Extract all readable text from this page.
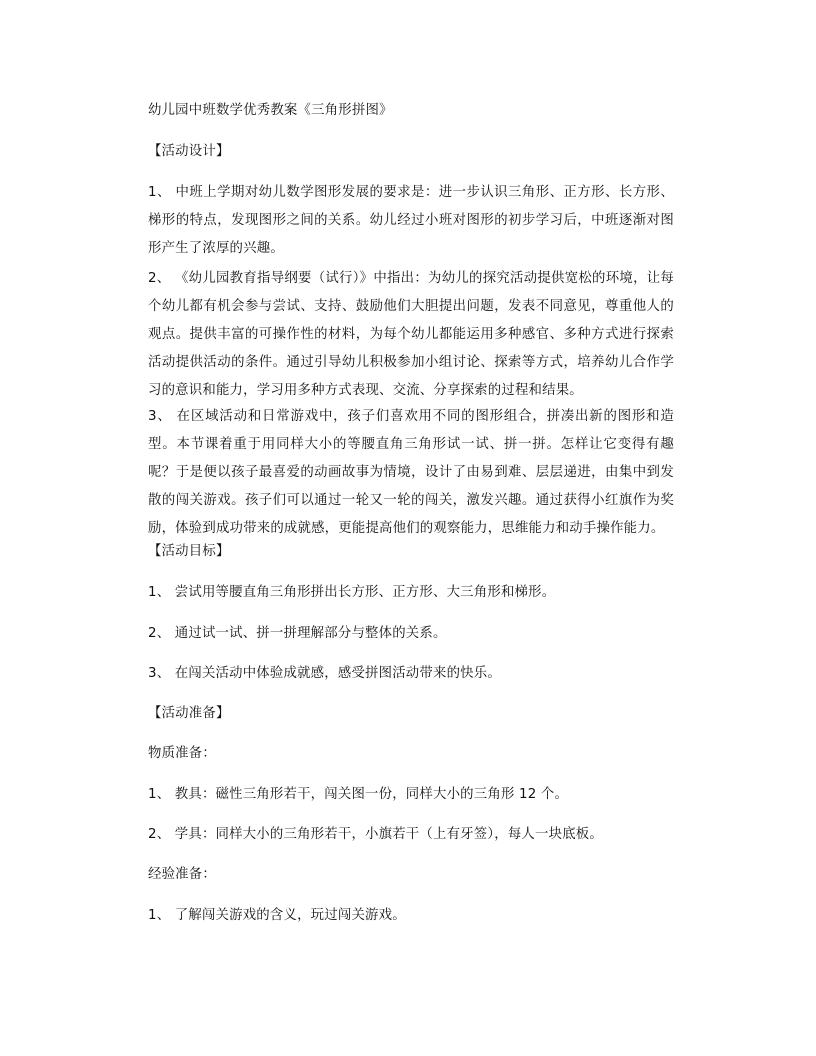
幼儿园中班数学优秀教案《三角形拼图》
【活动设计】
1、 中班上学期对幼儿数学图形发展的要求是：进一步认识三角形、正方形、长方形、梯形的特点，发现图形之间的关系。幼儿经过小班对图形的初步学习后，中班逐渐对图形产生了浓厚的兴趣。
2、 《幼儿园教育指导纲要（试行）》中指出：为幼儿的探究活动提供宽松的环境，让每个幼儿都有机会参与尝试、支持、鼓励他们大胆提出问题，发表不同意见，尊重他人的观点。提供丰富的可操作性的材料，为每个幼儿都能运用多种感官、多种方式进行探索活动提供活动的条件。通过引导幼儿积极参加小组讨论、探索等方式，培养幼儿合作学习的意识和能力，学习用多种方式表现、交流、分享探索的过程和结果。
3、 在区域活动和日常游戏中，孩子们喜欢用不同的图形组合，拼凑出新的图形和造型。本节课着重于用同样大小的等腰直角三角形试一试、拼一拼。怎样让它变得有趣呢？于是便以孩子最喜爱的动画故事为情境，设计了由易到难、层层递进，由集中到发散的闯关游戏。孩子们可以通过一轮又一轮的闯关，激发兴趣。通过获得小红旗作为奖励，体验到成功带来的成就感，更能提高他们的观察能力，思维能力和动手操作能力。
【活动目标】
1、 尝试用等腰直角三角形拼出长方形、正方形、大三角形和梯形。
2、 通过试一试、拼一拼理解部分与整体的关系。
3、 在闯关活动中体验成就感，感受拼图活动带来的快乐。
【活动准备】
物质准备：
1、 教具：磁性三角形若干，闯关图一份，同样大小的三角形 12 个。
2、 学具：同样大小的三角形若干，小旗若干（上有牙签），每人一块底板。
经验准备：
1、 了解闯关游戏的含义，玩过闯关游戏。
